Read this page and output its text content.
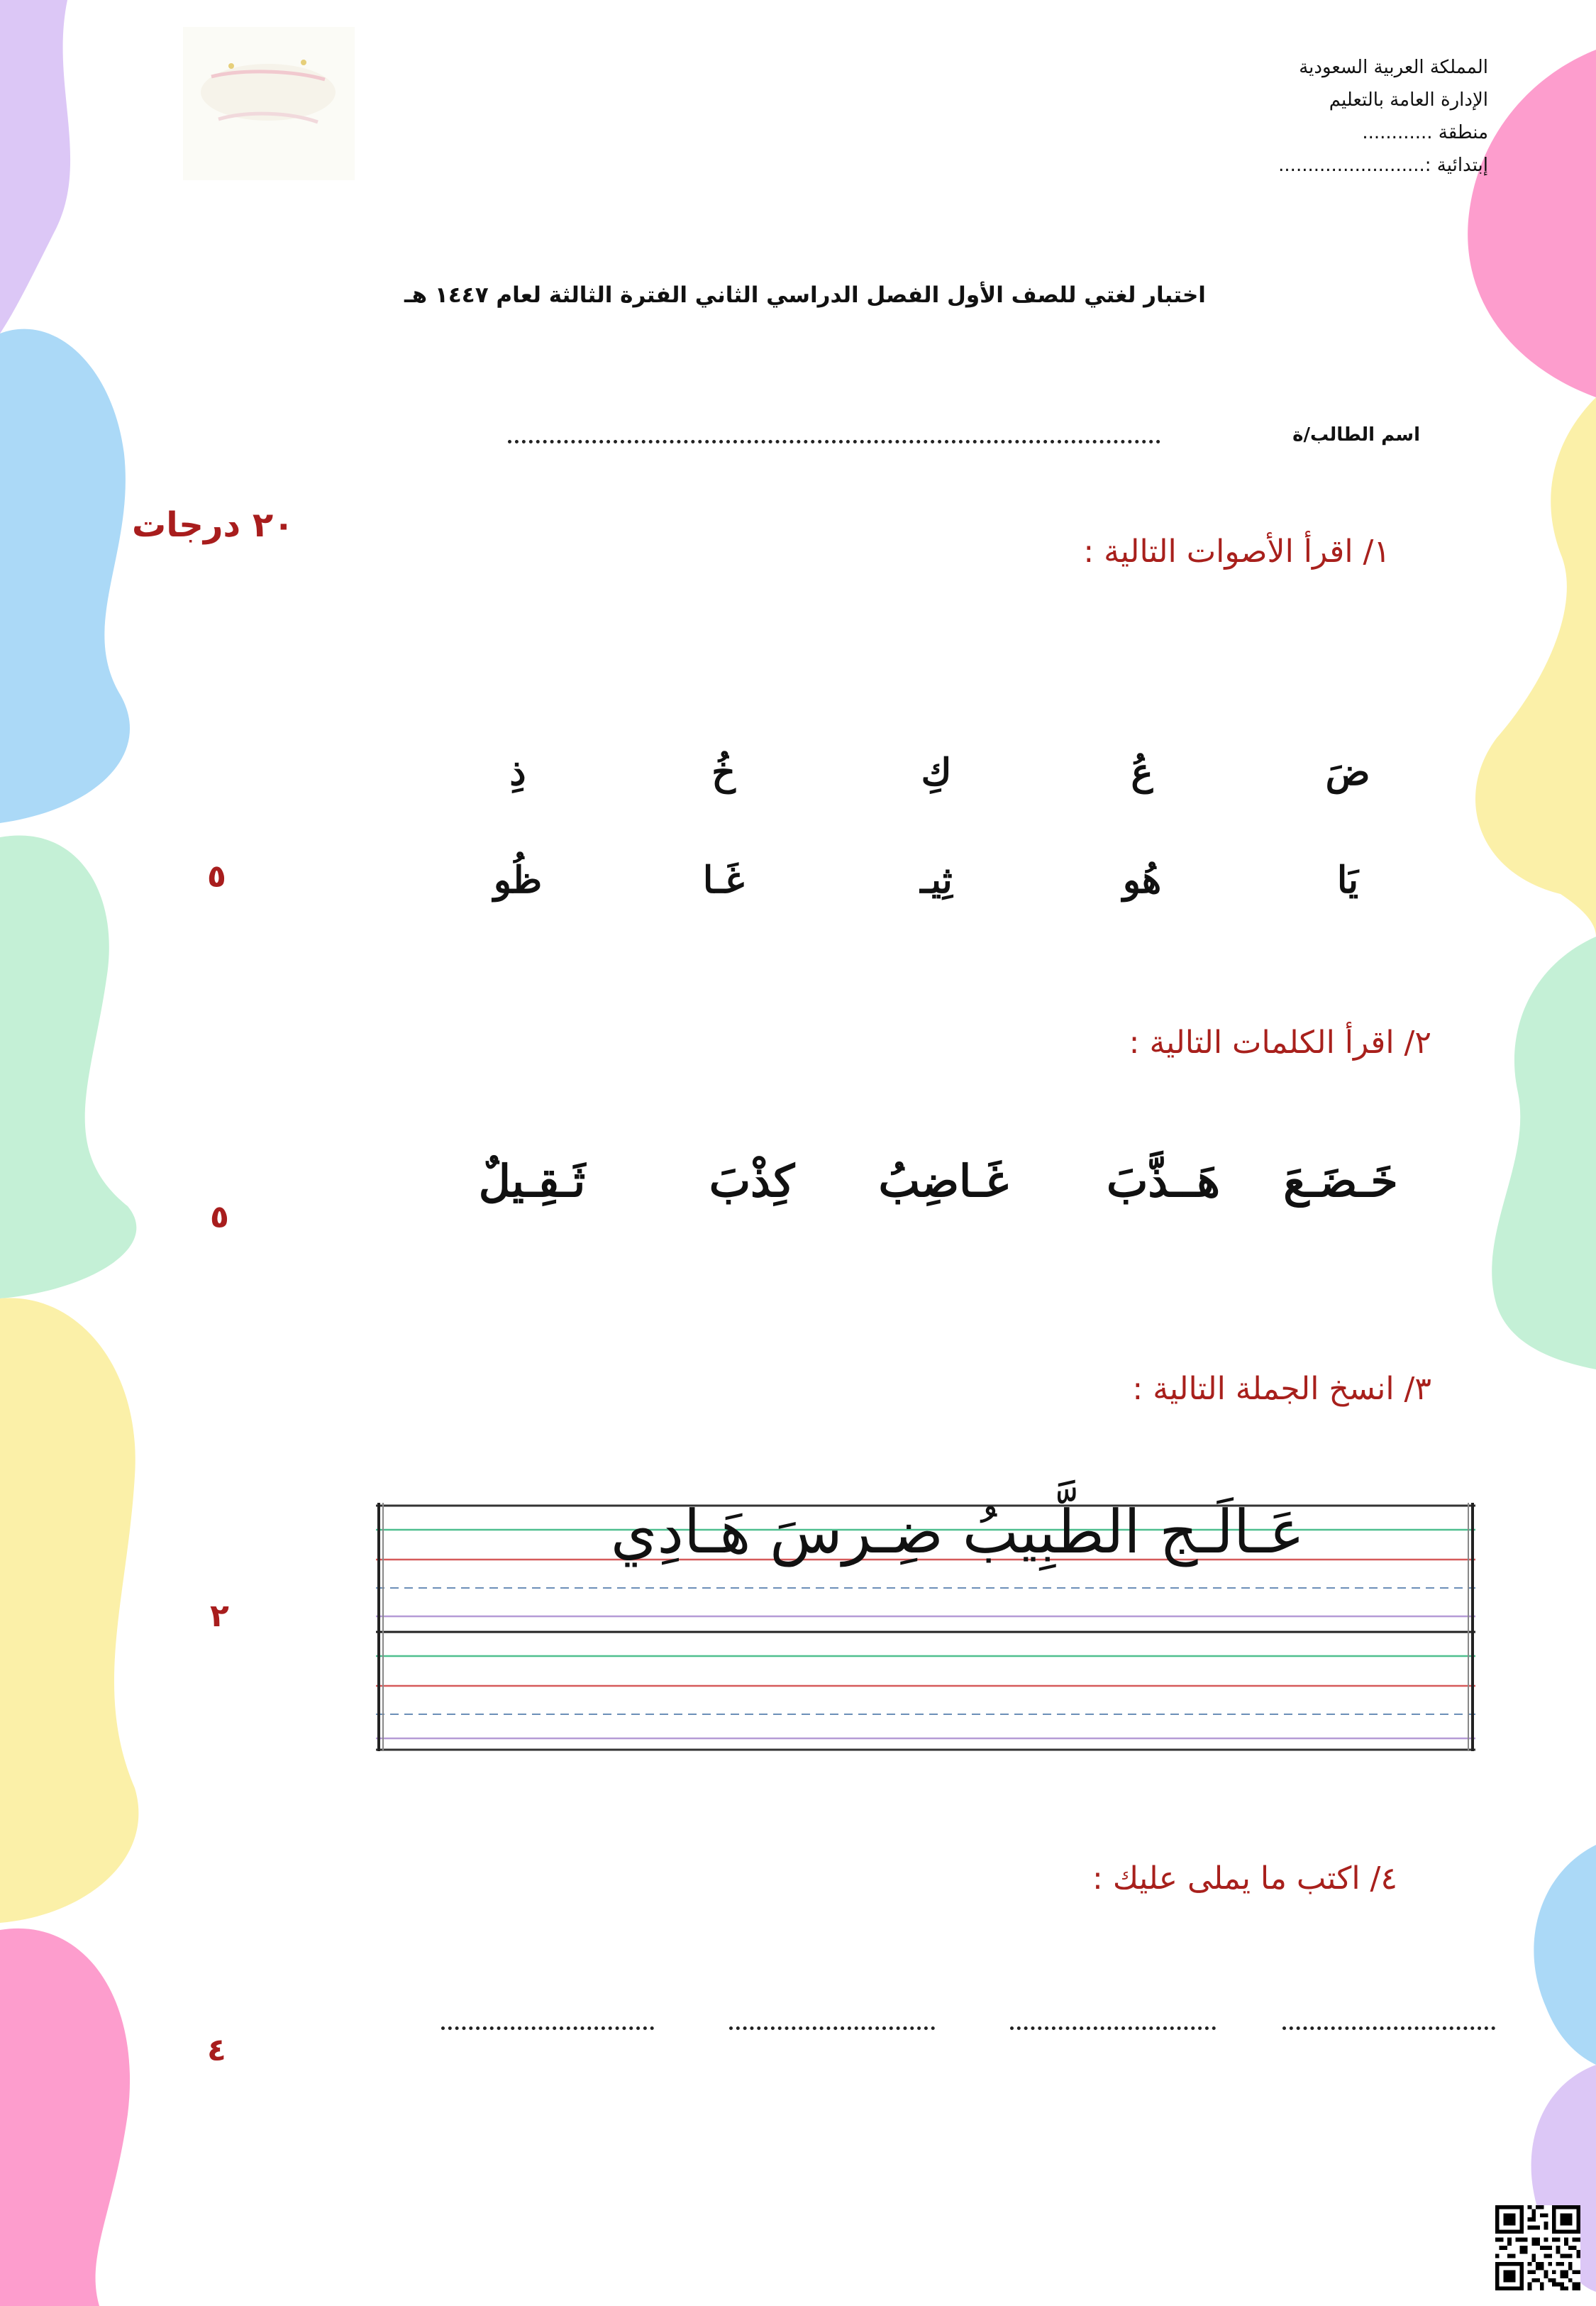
المملكة العربية السعودية
الإدارة العامة بالتعليم
منطقة ............
إبتدائية :.........................
اختبار لغتي للصف الأول الفصل الدراسي الثاني الفترة الثالثة لعام ١٤٤٧ هـ
اسم الطالب/ة
٢٠ درجات
١/ اقرأ الأصوات التالية :
ضَ
عُ
كِ
خُ
ذِ
يَا
هُو
ثِيـ
غَـا
ظُو
٥
٢/ اقرأ الكلمات التالية :
خَـضَـعَ
هَــذَّبَ
غَـاضِبُ
كِذْبَ
ثَـقِـيلٌ
٥
٣/ انسخ الجملة التالية :
عَـالَـج الطَّبِيبُ ضِـرسَ هَـادِي
٢
٤/ اكتب ما يملى عليك :
٤
